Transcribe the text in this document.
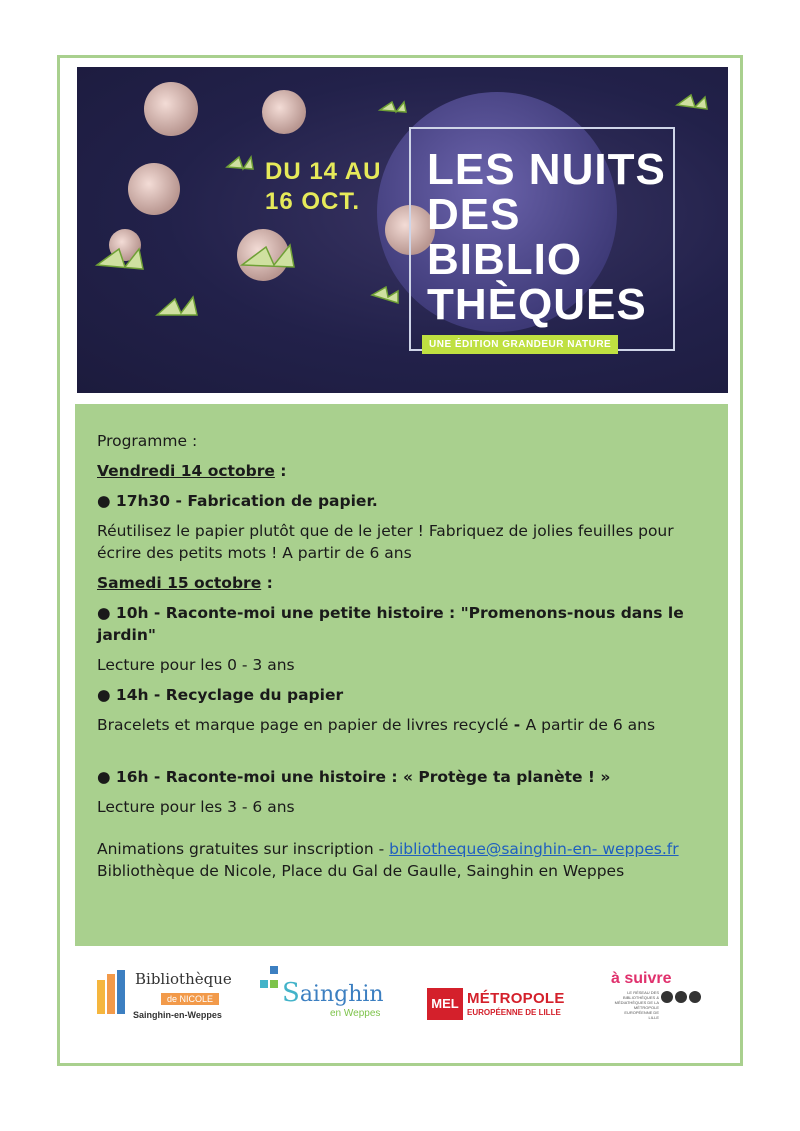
DU 14 AU
16 OCT.
LES NUITS
DES
BIBLIO
THÈQUES
UNE ÉDITION GRANDEUR NATURE

Programme :

Vendredi 14 octobre :

● 17h30 - Fabrication de papier.

Réutilisez le papier plutôt que de le jeter ! Fabriquez de jolies feuilles pour écrire des petits mots ! A partir de 6 ans

Samedi 15 octobre :

● 10h - Raconte-moi une petite histoire : "Promenons-nous dans le jardin"

Lecture pour les 0 - 3 ans

● 14h - Recyclage du papier

Bracelets et marque page en papier de livres recyclé - A partir de 6 ans

● 16h - Raconte-moi une histoire : « Protège ta planète ! »

Lecture pour les 3 - 6 ans

Animations gratuites sur inscription - bibliotheque@sainghin-en- weppes.fr

Bibliothèque de Nicole, Place du Gal de Gaulle, Sainghin en Weppes

Bibliothèque
de NICOLE
Sainghin-en-Weppes
Sainghin
en Weppes
MEL MÉTROPOLE
EUROPÉENNE DE LILLE
à suivre
LE RÉSEAU DES BIBLIOTHÈQUES & MÉDIATHÈQUES DE LA MÉTROPOLE EUROPÉENNE DE LILLE
